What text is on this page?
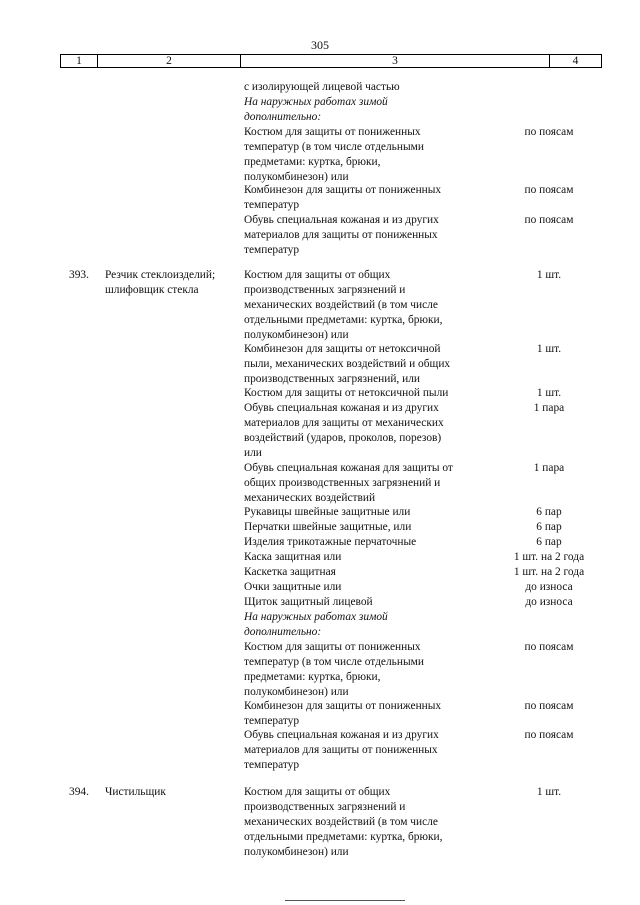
305
1	2	3	4
с изолирующей лицевой частью
На наружных работах зимой
дополнительно:
Костюм для защиты от пониженных	по поясам
температур (в том числе отдельными
предметами: куртка, брюки,
полукомбинезон) или
Комбинезон для защиты от пониженных	по поясам
температур
Обувь специальная кожаная и из других	по поясам
материалов для защиты от пониженных
температур
393.	Резчик стеклоизделий;	Костюм для защиты от общих	1 шт.
шлифовщик стекла	производственных загрязнений и
механических воздействий (в том числе
отдельными предметами: куртка, брюки,
полукомбинезон) или
Комбинезон для защиты от нетоксичной	1 шт.
пыли, механических воздействий и общих
производственных загрязнений, или
Костюм для защиты от нетоксичной пыли	1 шт.
Обувь специальная кожаная и из других	1 пара
материалов для защиты от механических
воздействий (ударов, проколов, порезов)
или
Обувь специальная кожаная для защиты от	1 пара
общих производственных загрязнений и
механических воздействий
Рукавицы швейные защитные или	6 пар
Перчатки швейные защитные, или	6 пар
Изделия трикотажные перчаточные	6 пар
Каска защитная или	1 шт. на 2 года
Каскетка защитная	1 шт. на 2 года
Очки защитные или	до износа
Щиток защитный лицевой	до износа
На наружных работах зимой
дополнительно:
Костюм для защиты от пониженных	по поясам
температур (в том числе отдельными
предметами: куртка, брюки,
полукомбинезон) или
Комбинезон для защиты от пониженных	по поясам
температур
Обувь специальная кожаная и из других	по поясам
материалов для защиты от пониженных
температур
394.	Чистильщик	Костюм для защиты от общих	1 шт.
производственных загрязнений и
механических воздействий (в том числе
отдельными предметами: куртка, брюки,
полукомбинезон) или
